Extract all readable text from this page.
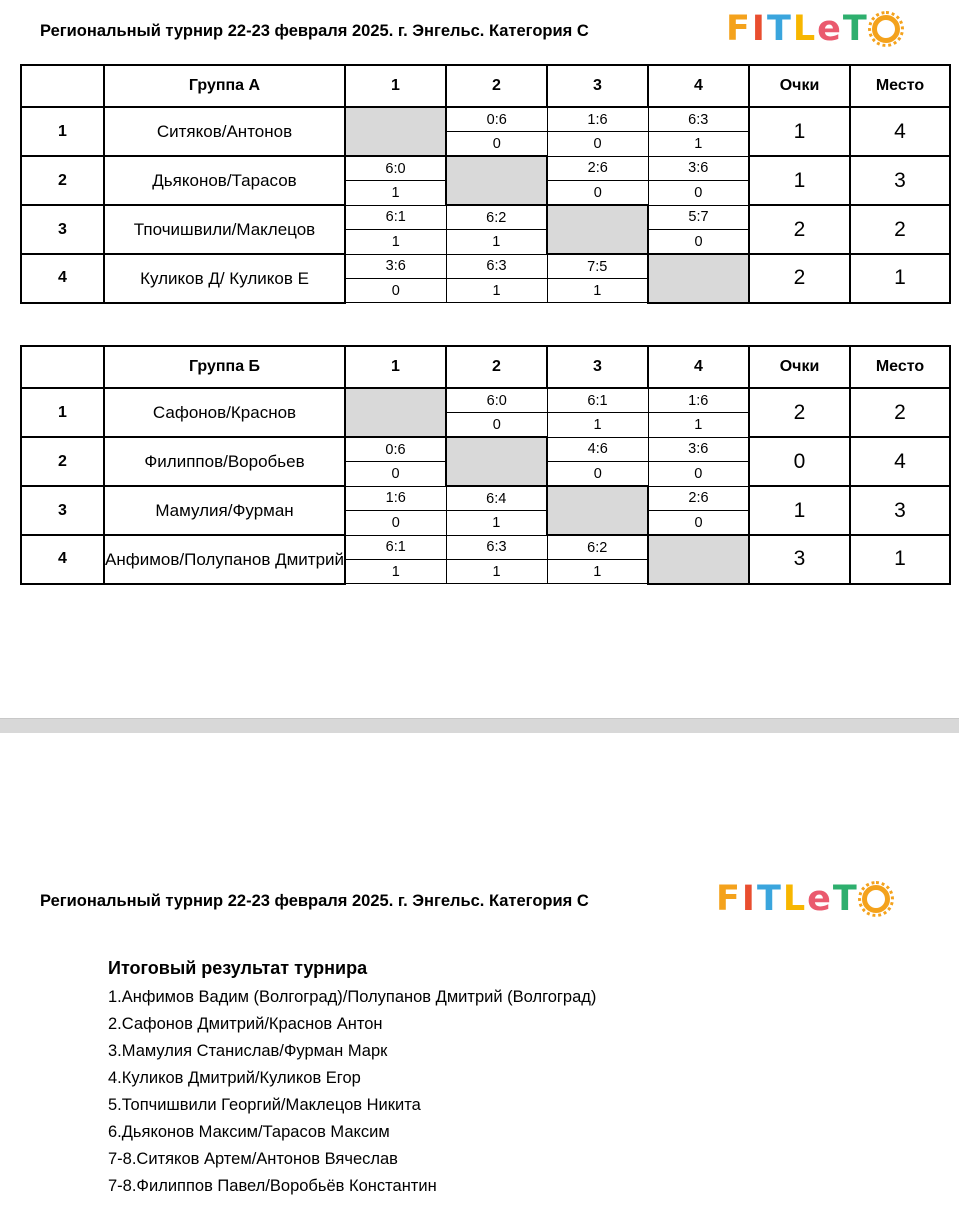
Региональный турнир 22-23 февраля 2025. г. Энгельс. Категория С	FITLeT
	Группа А	1	2	3	4	Очки	Место
1	Ситяков/Антонов		0:6	1:6	6:3	1	4
			0	0	1		
2	Дьяконов/Тарасов	6:0		2:6	3:6	1	3
		1		0	0		
3	Тпочишвили/Маклецов	6:1	6:2		5:7	2	2
		1	1		0		
4	Куликов Д/ Куликов Е	3:6	6:3	7:5		2	1
		0	1	1			
	Группа Б	1	2	3	4	Очки	Место
1	Сафонов/Краснов		6:0	6:1	1:6	2	2
			0	1	1		
2	Филиппов/Воробьев	0:6		4:6	3:6	0	4
		0		0	0		
3	Мамулия/Фурман	1:6	6:4		2:6	1	3
		0	1		0		
4	Анфимов/Полупанов Дмитрий	6:1	6:3	6:2		3	1
		1	1	1			
Региональный турнир 22-23 февраля 2025. г. Энгельс. Категория С	FITLeT
Итоговый результат турнира
1.Анфимов Вадим (Волгоград)/Полупанов Дмитрий (Волгоград)
2.Сафонов Дмитрий/Краснов Антон
3.Мамулия Станислав/Фурман Марк
4.Куликов Дмитрий/Куликов Егор
5.Топчишвили Георгий/Маклецов Никита
6.Дьяконов Максим/Тарасов Максим
7-8.Ситяков Артем/Антонов Вячеслав
7-8.Филиппов Павел/Воробьёв Константин
